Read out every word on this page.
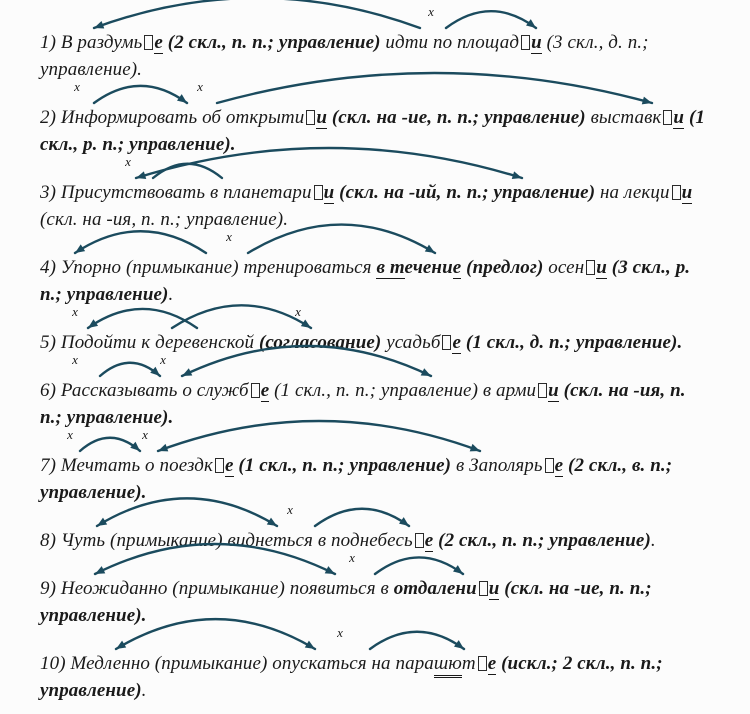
x

1) В раздумь е (2 скл., п. п.; управление) идти по площад и (3 скл., д. п.; управление).

x	x

2) Информировать об открыти и (скл. на -ие, п. п.; управление) выставк и (1 скл., р. п.; управление).

x

3) Присутствовать в планетари и (скл. на -ий, п. п.; управление) на лекци и (скл. на -ия, п. п.; управление).

x

4) Упорно (примыкание) тренироваться в течение (предлог) осен и (3 скл., р. п.; управление).

x	x

5) Подойти к деревенской (согласование) усадьб е (1 скл., д. п.; управление).

x	x

6) Рассказывать о служб е (1 скл., п. п.; управление) в арми и (скл. на -ия, п. п.; управление).

x	x

7) Мечтать о поездк е (1 скл., п. п.; управление) в Заполярь е (2 скл., в. п.; управление).

x

8) Чуть (примыкание) виднеться в поднебесь е (2 скл., п. п.; управление).

x

9) Неожиданно (примыкание) появиться в отдалени и (скл. на -ие, п. п.; управление).

x

10) Медленно (примыкание) опускаться на парашют е (искл.; 2 скл., п. п.; управление).
